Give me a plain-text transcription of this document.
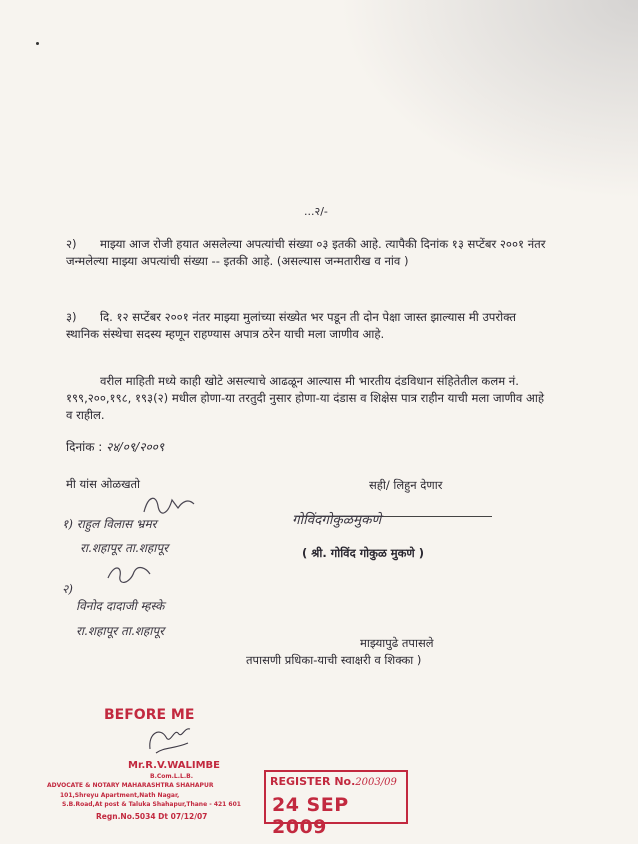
...२/-

२) माझ्या आज रोजी हयात असलेल्या अपत्यांची संख्या ०३ इतकी आहे. त्यापैकी दिनांक १३ सप्टेंबर २००१ नंतर जन्मलेल्या माझ्या अपत्यांची संख्या -- इतकी आहे. (असल्यास जन्मतारीख व नांव )

३) दि. १२ सप्टेंबर २००१ नंतर माझ्या मुलांच्या संख्येत भर पडून ती दोन पेक्षा जास्त झाल्यास मी उपरोक्त स्थानिक संस्थेचा सदस्य म्हणून राहण्यास अपात्र ठरेन याची मला जाणीव आहे.

वरील माहिती मध्ये काही खोटे असल्याचे आढळून आल्यास मी भारतीय दंडविधान संहितेतील कलम नं. १९९,२००,१९८, १९३(२) मधील होणा-या तरतुदी नुसार होणा-या दंडास व शिक्षेस पात्र राहीन याची मला जाणीव आहे व राहील.

दिनांक : २४/०९/२००९
मी यांस ओळखतो	सही/ लिहुन देणार
१) राहुल विलास भ्रमर
रा.शहापूर ता.शहापूर
२)
विनोद दादाजी म्हस्के
रा.शहापूर ता.शहापूर
गोविंदगोकुळमुकणे
( श्री. गोविंद गोकुळ मुकणे )
माझ्यापुढे तपासले
तपासणी प्रधिका-याची स्वाक्षरी व शिक्का )
BEFORE ME
Mr.R.V.WALIMBE
B.Com.L.L.B.
ADVOCATE & NOTARY MAHARASHTRA SHAHAPUR
101,Shreyu Apartment,Nath Nagar,
S.B.Road,At post & Taluka Shahapur,Thane - 421 601
Regn.No.5034 Dt 07/12/07
REGISTER No.2003/09
24 SEP 2009
